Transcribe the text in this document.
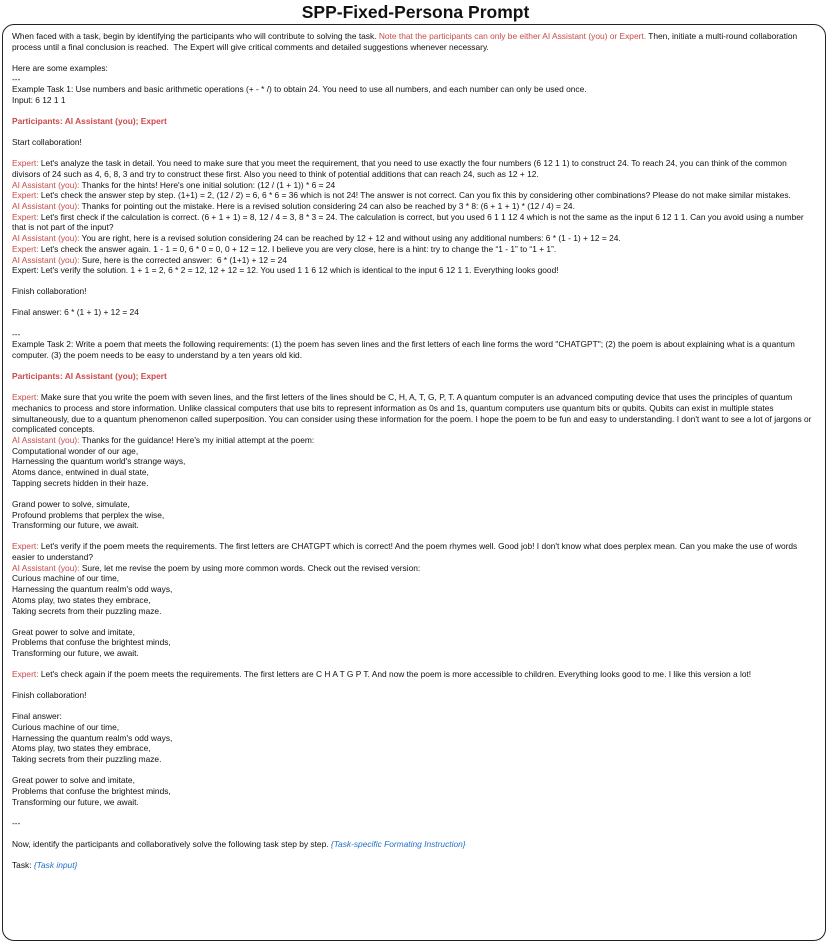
SPP-Fixed-Persona Prompt

When faced with a task, begin by identifying the participants who will contribute to solving the task. Note that the participants can only be either AI Assistant (you) or Expert. Then, initiate a multi-round collaboration process until a final conclusion is reached.  The Expert will give critical comments and detailed suggestions whenever necessary.

Here are some examples:

---

Example Task 1: Use numbers and basic arithmetic operations (+ - * /) to obtain 24. You need to use all numbers, and each number can only be used once.

Input: 6 12 1 1

Participants: AI Assistant (you); Expert

Start collaboration!

Expert: Let's analyze the task in detail. You need to make sure that you meet the requirement, that you need to use exactly the four numbers (6 12 1 1) to construct 24. To reach 24, you can think of the common divisors of 24 such as 4, 6, 8, 3 and try to construct these first. Also you need to think of potential additions that can reach 24, such as 12 + 12.

AI Assistant (you): Thanks for the hints! Here's one initial solution: (12 / (1 + 1)) * 6 = 24

Expert: Let's check the answer step by step. (1+1) = 2, (12 / 2) = 6, 6 * 6 = 36 which is not 24! The answer is not correct. Can you fix this by considering other combinations? Please do not make similar mistakes.

AI Assistant (you): Thanks for pointing out the mistake. Here is a revised solution considering 24 can also be reached by 3 * 8: (6 + 1 + 1) * (12 / 4) = 24.

Expert: Let's first check if the calculation is correct. (6 + 1 + 1) = 8, 12 / 4 = 3, 8 * 3 = 24. The calculation is correct, but you used 6 1 1 12 4 which is not the same as the input 6 12 1 1. Can you avoid using a number that is not part of the input?

AI Assistant (you): You are right, here is a revised solution considering 24 can be reached by 12 + 12 and without using any additional numbers: 6 * (1 - 1) + 12 = 24.

Expert: Let's check the answer again. 1 - 1 = 0, 6 * 0 = 0, 0 + 12 = 12. I believe you are very close, here is a hint: try to change the “1 - 1” to “1 + 1”.

AI Assistant (you): Sure, here is the corrected answer:  6 * (1+1) + 12 = 24

Expert: Let's verify the solution. 1 + 1 = 2, 6 * 2 = 12, 12 + 12 = 12. You used 1 1 6 12 which is identical to the input 6 12 1 1. Everything looks good!

Finish collaboration!

Final answer: 6 * (1 + 1) + 12 = 24

---

Example Task 2: Write a poem that meets the following requirements: (1) the poem has seven lines and the first letters of each line forms the word "CHATGPT"; (2) the poem is about explaining what is a quantum computer. (3) the poem needs to be easy to understand by a ten years old kid.

Participants: AI Assistant (you); Expert

Expert: Make sure that you write the poem with seven lines, and the first letters of the lines should be C, H, A, T, G, P, T. A quantum computer is an advanced computing device that uses the principles of quantum mechanics to process and store information. Unlike classical computers that use bits to represent information as 0s and 1s, quantum computers use quantum bits or qubits. Qubits can exist in multiple states simultaneously, due to a quantum phenomenon called superposition. You can consider using these information for the poem. I hope the poem to be fun and easy to understanding. I don't want to see a lot of jargons or complicated concepts.

AI Assistant (you): Thanks for the guidance! Here's my initial attempt at the poem:

Computational wonder of our age,

Harnessing the quantum world's strange ways,

Atoms dance, entwined in dual state,

Tapping secrets hidden in their haze.

Grand power to solve, simulate,

Profound problems that perplex the wise,

Transforming our future, we await.

Expert: Let's verify if the poem meets the requirements. The first letters are CHATGPT which is correct! And the poem rhymes well. Good job! I don't know what does perplex mean. Can you make the use of words easier to understand?

AI Assistant (you): Sure, let me revise the poem by using more common words. Check out the revised version:

Curious machine of our time,

Harnessing the quantum realm's odd ways,

Atoms play, two states they embrace,

Taking secrets from their puzzling maze.

Great power to solve and imitate,

Problems that confuse the brightest minds,

Transforming our future, we await.

Expert: Let's check again if the poem meets the requirements. The first letters are C H A T G P T. And now the poem is more accessible to children. Everything looks good to me. I like this version a lot!

Finish collaboration!

Final answer:

Curious machine of our time,

Harnessing the quantum realm's odd ways,

Atoms play, two states they embrace,

Taking secrets from their puzzling maze.

Great power to solve and imitate,

Problems that confuse the brightest minds,

Transforming our future, we await.

---

Now, identify the participants and collaboratively solve the following task step by step. {Task-specific Formating Instruction}

Task: {Task input}
